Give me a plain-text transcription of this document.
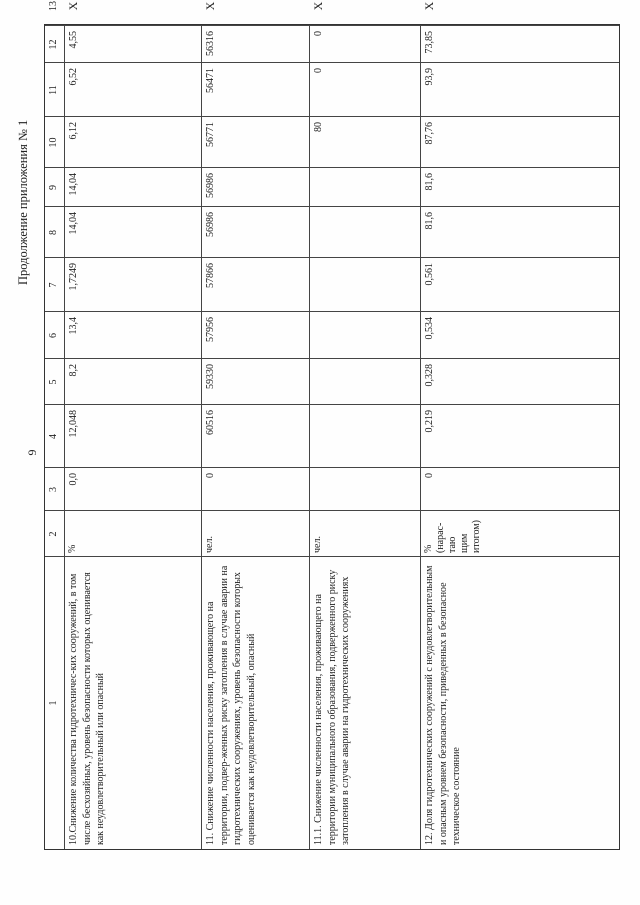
9
Продолжение приложения № 1
1
2
3
4
5
6
7
8
9
10
11
12
13
10.Снижение количества гидротехничес-ких сооружений, в том числе бесхозяйных, уровень безопасности которых оценивается как неудовлетворительный или опасный
%
0,0
12,048
8,2
13,4
1,7249
14,04
14,04
6,12
6,52
4,55
X
11. Снижение численности населения, проживающего на территории, подвер-женных риску затопления в случае аварии на гидротехнических сооружениях, уровень безопасности которых оценивается как неудовлетворительный, опасный
чел.
0
60516
59330
57956
57866
56986
56986
56771
56471
56316
X
11.1. Снижение численности населения, проживающего на территории муниципального образования, подверженного риску затопления в случае аварии на гидротехнических сооружениях
чел.
80
0
0
X
12. Доля гидротехнических сооружений с неудовлетворительным и опасным уровнем безопасности, приведенных в безопасное техническое состояние
% (нарас-таю щим итогом)
0
0,219
0,328
0,534
0,561
81,6
81,6
87,76
93,9
73,85
X
